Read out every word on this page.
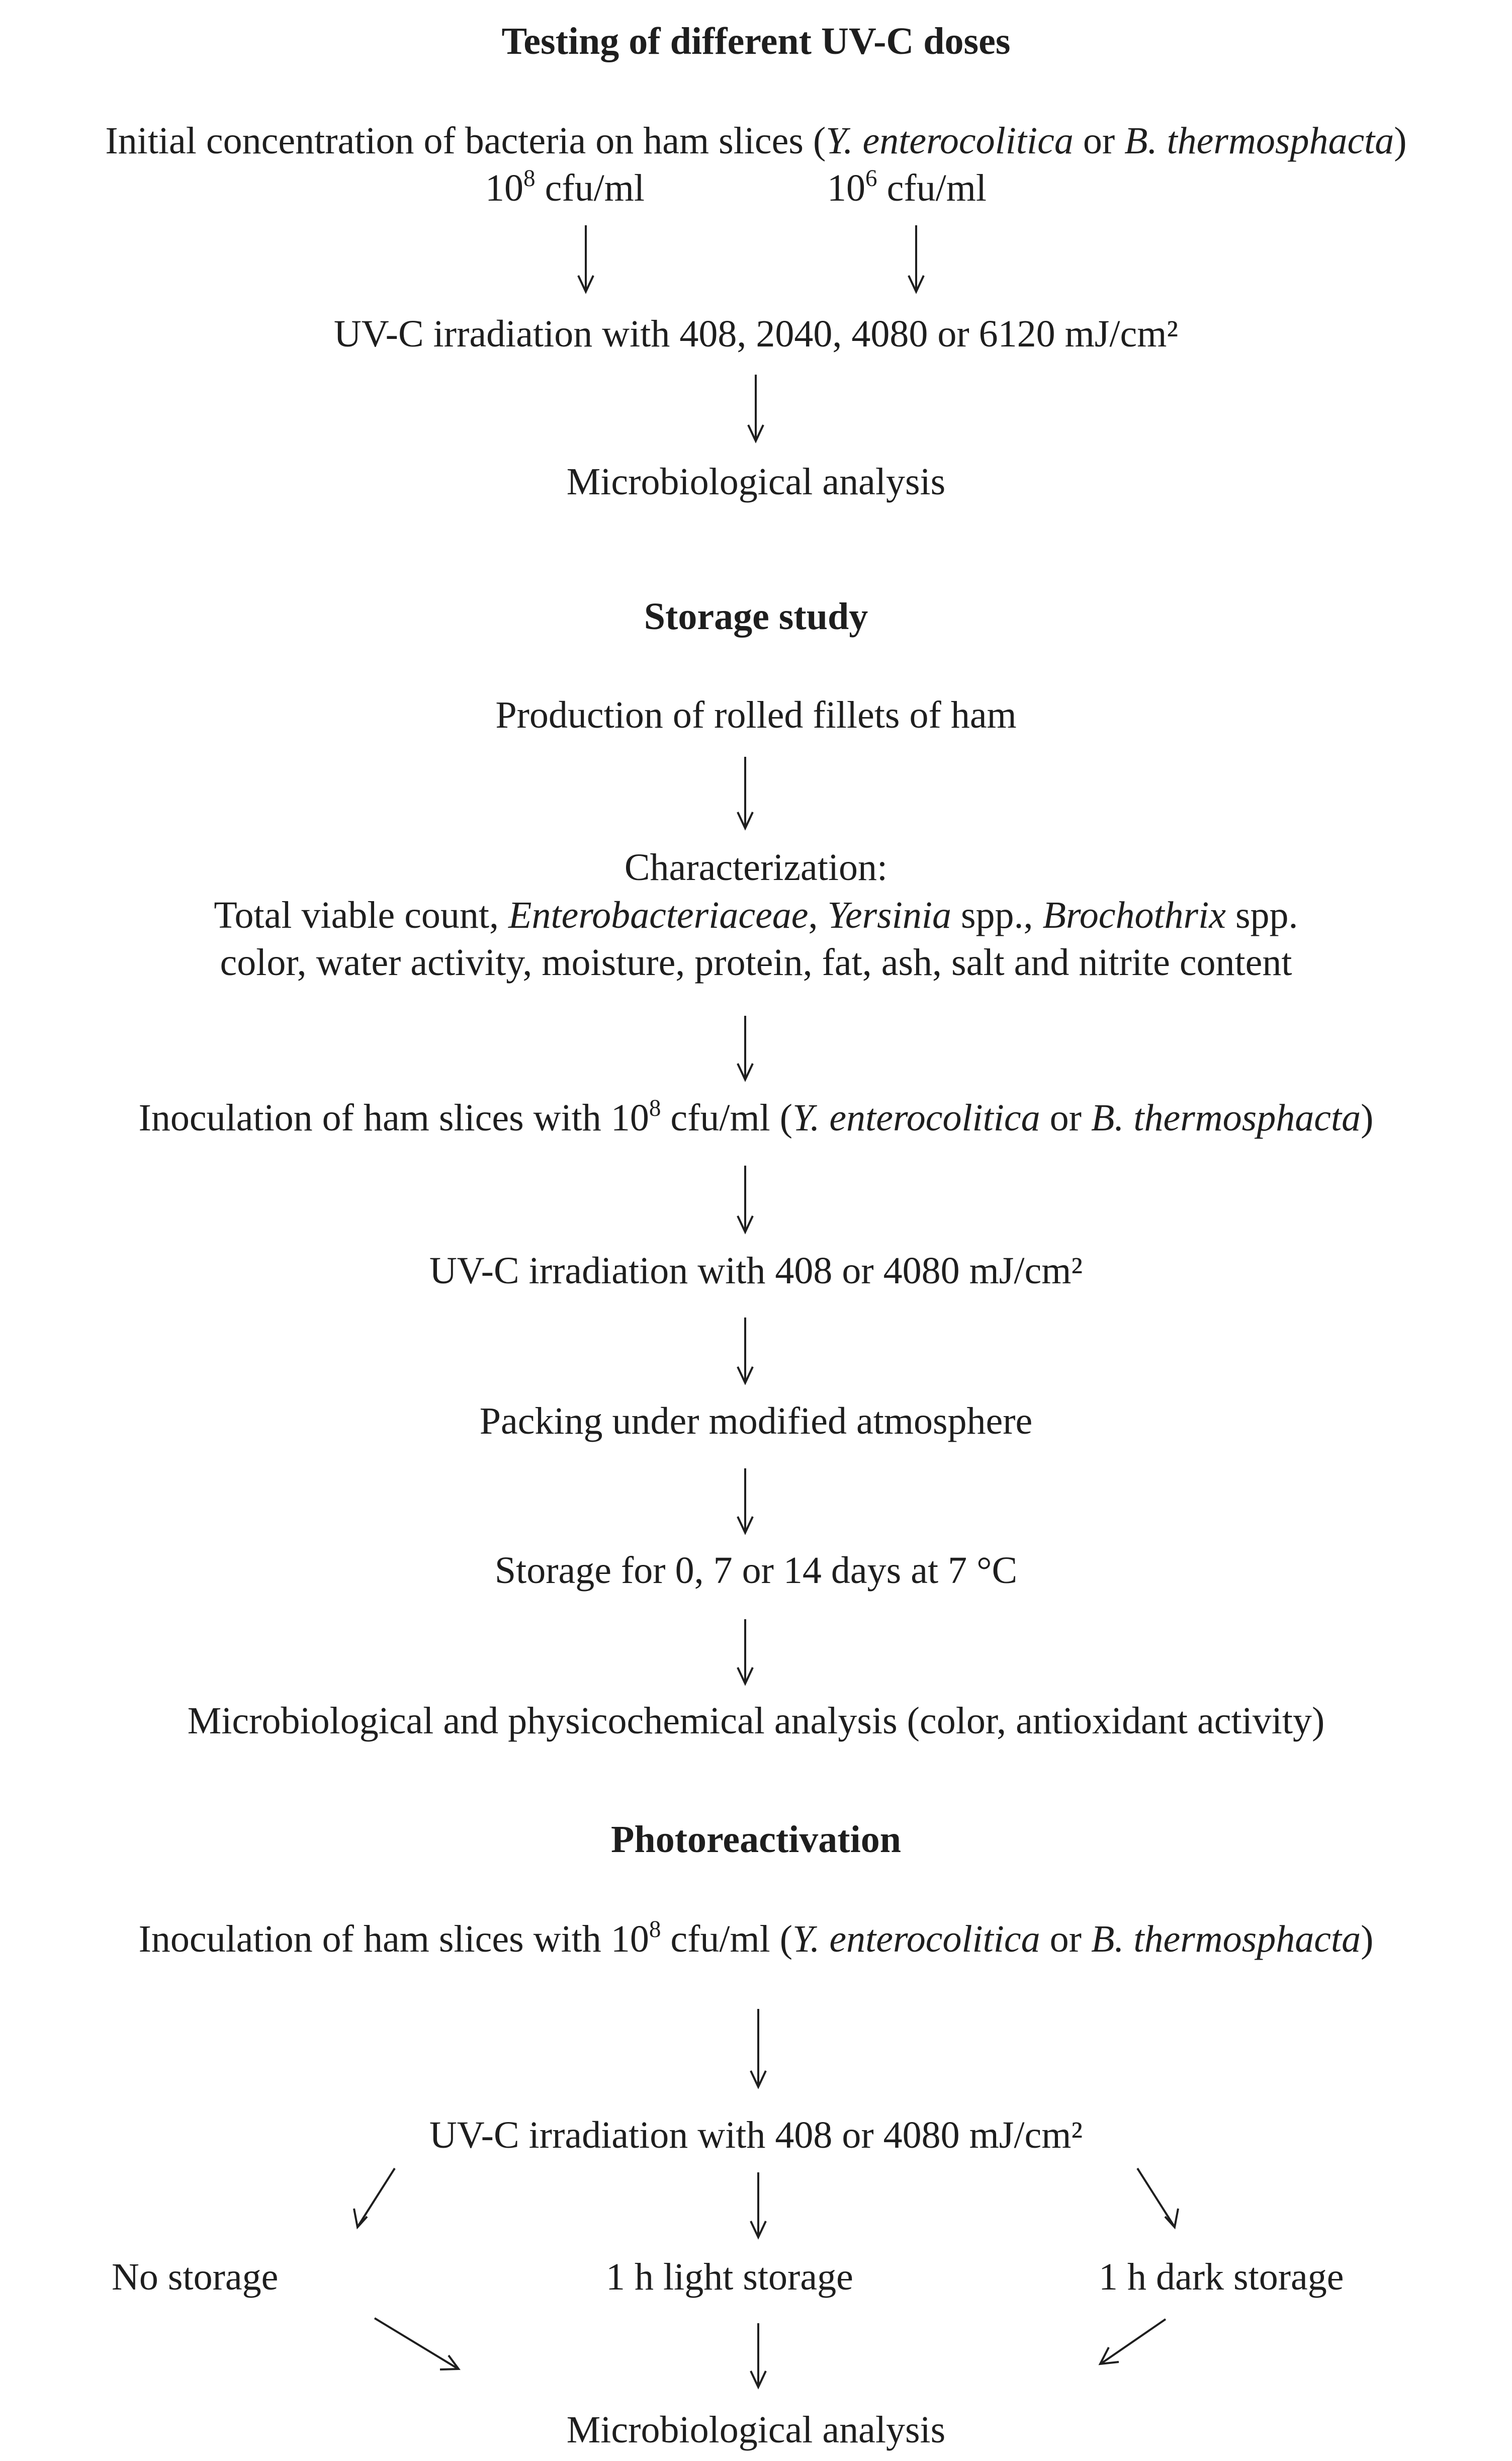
Testing of different UV-C doses
Initial concentration of bacteria on ham slices (Y. enterocolitica or B. thermosphacta)
$10^8$ cfu/ml	$10^6$ cfu/ml
UV-C irradiation with 408, 2040, 4080 or 6120 mJ/cm²
Microbiological analysis
Storage study
Production of rolled fillets of ham
Characterization:
Total viable count, Enterobacteriaceae, Yersinia spp., Brochothrix spp.
color, water activity, moisture, protein, fat, ash, salt and nitrite content
Inoculation of ham slices with $10^8$ cfu/ml (Y. enterocolitica or B. thermosphacta)
UV-C irradiation with 408 or 4080 mJ/cm²
Packing under modified atmosphere
Storage for 0, 7 or 14 days at 7 °C
Microbiological and physicochemical analysis (color, antioxidant activity)
Photoreactivation
Inoculation of ham slices with $10^8$ cfu/ml (Y. enterocolitica or B. thermosphacta)
UV-C irradiation with 408 or 4080 mJ/cm²
No storage	1 h light storage	1 h dark storage
Microbiological analysis
